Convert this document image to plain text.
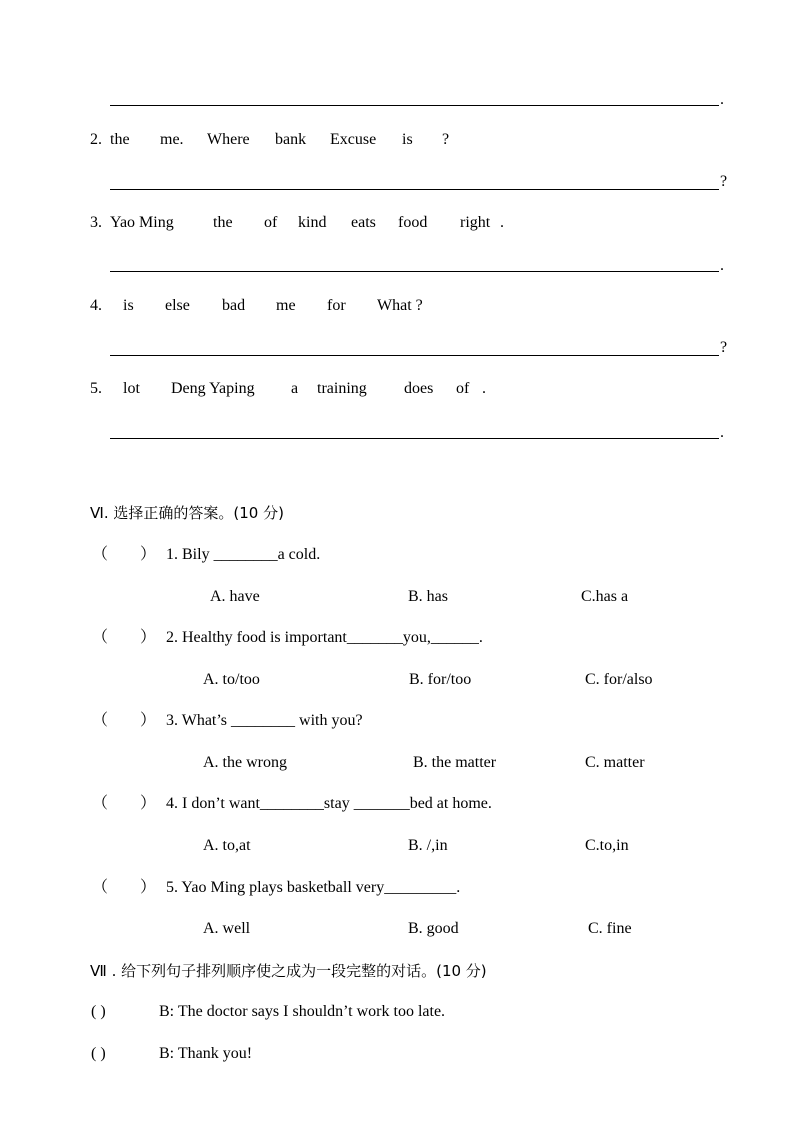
.
?
.
?
.
2. the me. Where bank Excuse is ?
3. Yao Ming the of kind eats food right .
4. is else bad me for What ?
5. lot Deng Yaping a training does of .
Ⅵ. 选择正确的答案。(10 分)
（　　） 1. Bily ________a cold.
A. have	B. has	C.has a
（　　） 2. Healthy food is important_______you,______.
A. to/too	B. for/too	C. for/also
（　　） 3. What’s ________ with you?
A. the wrong	B. the matter	C. matter
（　　） 4. I don’t want________stay _______bed at home.
A. to,at	B. /,in	C.to,in
（　　） 5. Yao Ming plays basketball very_________.
A. well	B. good	C. fine
Ⅶ . 给下列句子排列顺序使之成为一段完整的对话。(10 分)
( )	B: The doctor says I shouldn’t work too late.
( )	B: Thank you!
